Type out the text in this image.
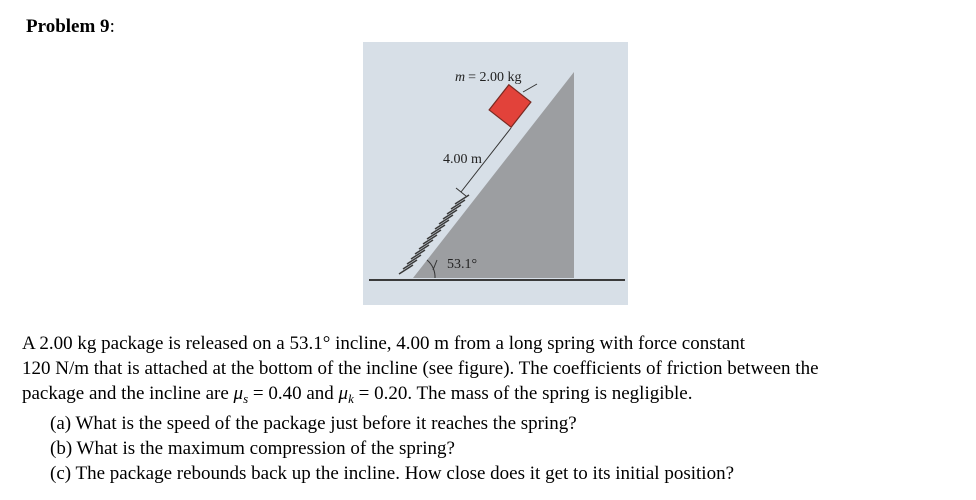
Problem 9:
m = 2.00 kg
4.00 m
53.1°
A 2.00 kg package is released on a 53.1° incline, 4.00 m from a long spring with force constant
120 N/m that is attached at the bottom of the incline (see figure). The coefficients of friction between the
package and the incline are $\mu_s = 0.40$ and $\mu_k = 0.20$. The mass of the spring is negligible.
(a) What is the speed of the package just before it reaches the spring?
(b) What is the maximum compression of the spring?
(c) The package rebounds back up the incline. How close does it get to its initial position?
